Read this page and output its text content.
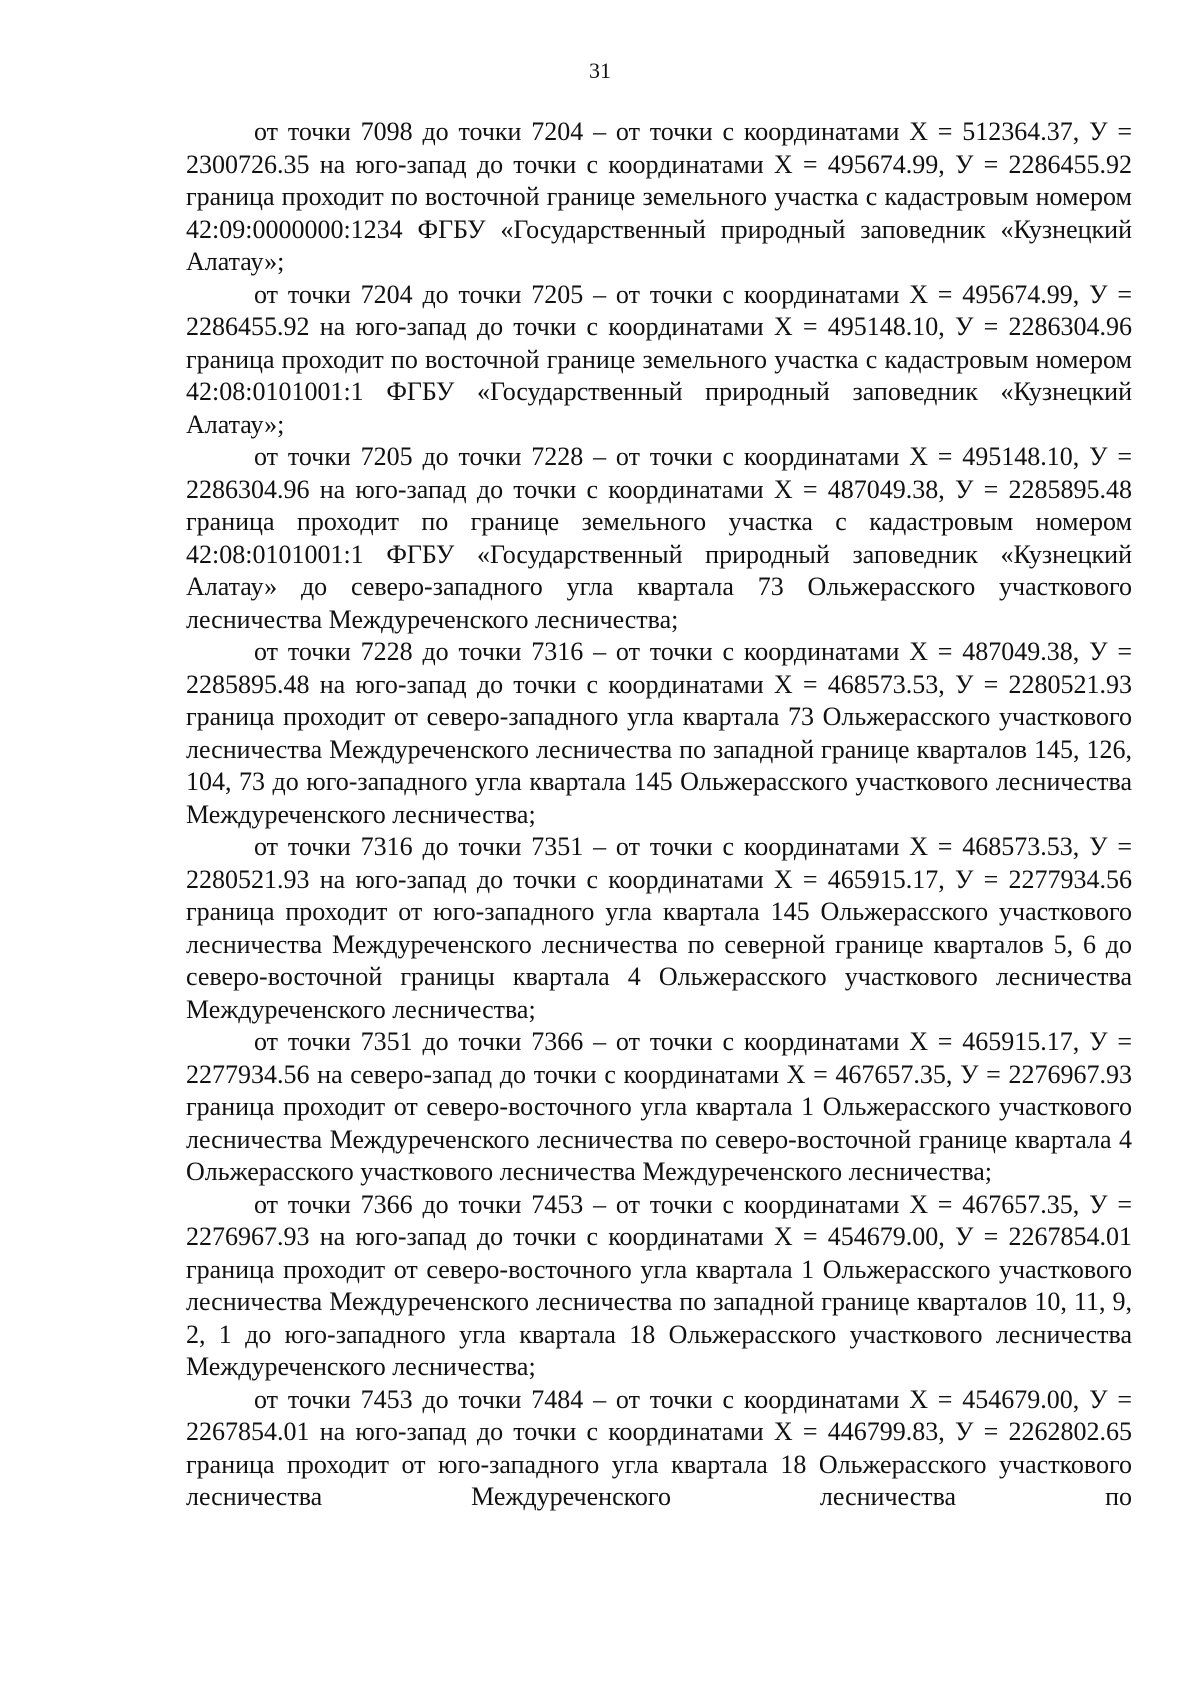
31

от точки 7098 до точки 7204 – от точки с координатами X = 512364.37, У = 2300726.35 на юго-запад до точки с координатами X = 495674.99, У = 2286455.92 граница проходит по восточной границе земельного участка с кадастровым номером 42:09:0000000:1234 ФГБУ «Государственный природный заповедник «Кузнецкий Алатау»;

от точки 7204 до точки 7205 – от точки с координатами X = 495674.99, У = 2286455.92 на юго-запад до точки с координатами X = 495148.10, У = 2286304.96 граница проходит по восточной границе земельного участка с кадастровым номером 42:08:0101001:1 ФГБУ «Государственный природный заповедник «Кузнецкий Алатау»;

от точки 7205 до точки 7228 – от точки с координатами X = 495148.10, У = 2286304.96 на юго-запад до точки с координатами X = 487049.38, У = 2285895.48 граница проходит по границе земельного участка с кадастровым номером 42:08:0101001:1 ФГБУ «Государственный природный заповедник «Кузнецкий Алатау» до северо-западного угла квартала 73 Ольжерасского участкового лесничества Междуреченского лесничества;

от точки 7228 до точки 7316 – от точки с координатами X = 487049.38, У = 2285895.48 на юго-запад до точки с координатами X = 468573.53, У = 2280521.93 граница проходит от северо-западного угла квартала 73 Ольжерасского участкового лесничества Междуреченского лесничества по западной границе кварталов 145, 126, 104, 73 до юго-западного угла квартала 145 Ольжерасского участкового лесничества Междуреченского лесничества;

от точки 7316 до точки 7351 – от точки с координатами X = 468573.53, У = 2280521.93 на юго-запад до точки с координатами X = 465915.17, У = 2277934.56 граница проходит от юго-западного угла квартала 145 Ольжерасского участкового лесничества Междуреченского лесничества по северной границе кварталов 5, 6 до северо-восточной границы квартала 4 Ольжерасского участкового лесничества Междуреченского лесничества;

от точки 7351 до точки 7366 – от точки с координатами X = 465915.17, У = 2277934.56 на северо-запад до точки с координатами X = 467657.35, У = 2276967.93 граница проходит от северо-восточного угла квартала 1 Ольжерасского участкового лесничества Междуреченского лесничества по северо-восточной границе квартала 4 Ольжерасского участкового лесничества Междуреченского лесничества;

от точки 7366 до точки 7453 – от точки с координатами X = 467657.35, У = 2276967.93 на юго-запад до точки с координатами X = 454679.00, У = 2267854.01 граница проходит от северо-восточного угла квартала 1 Ольжерасского участкового лесничества Междуреченского лесничества по западной границе кварталов 10, 11, 9, 2, 1 до юго-западного угла квартала 18 Ольжерасского участкового лесничества Междуреченского лесничества;

от точки 7453 до точки 7484 – от точки с координатами X = 454679.00, У = 2267854.01 на юго-запад до точки с координатами X = 446799.83, У = 2262802.65 граница проходит от юго-западного угла квартала 18 Ольжерасского участкового лесничества Междуреченского лесничества по
